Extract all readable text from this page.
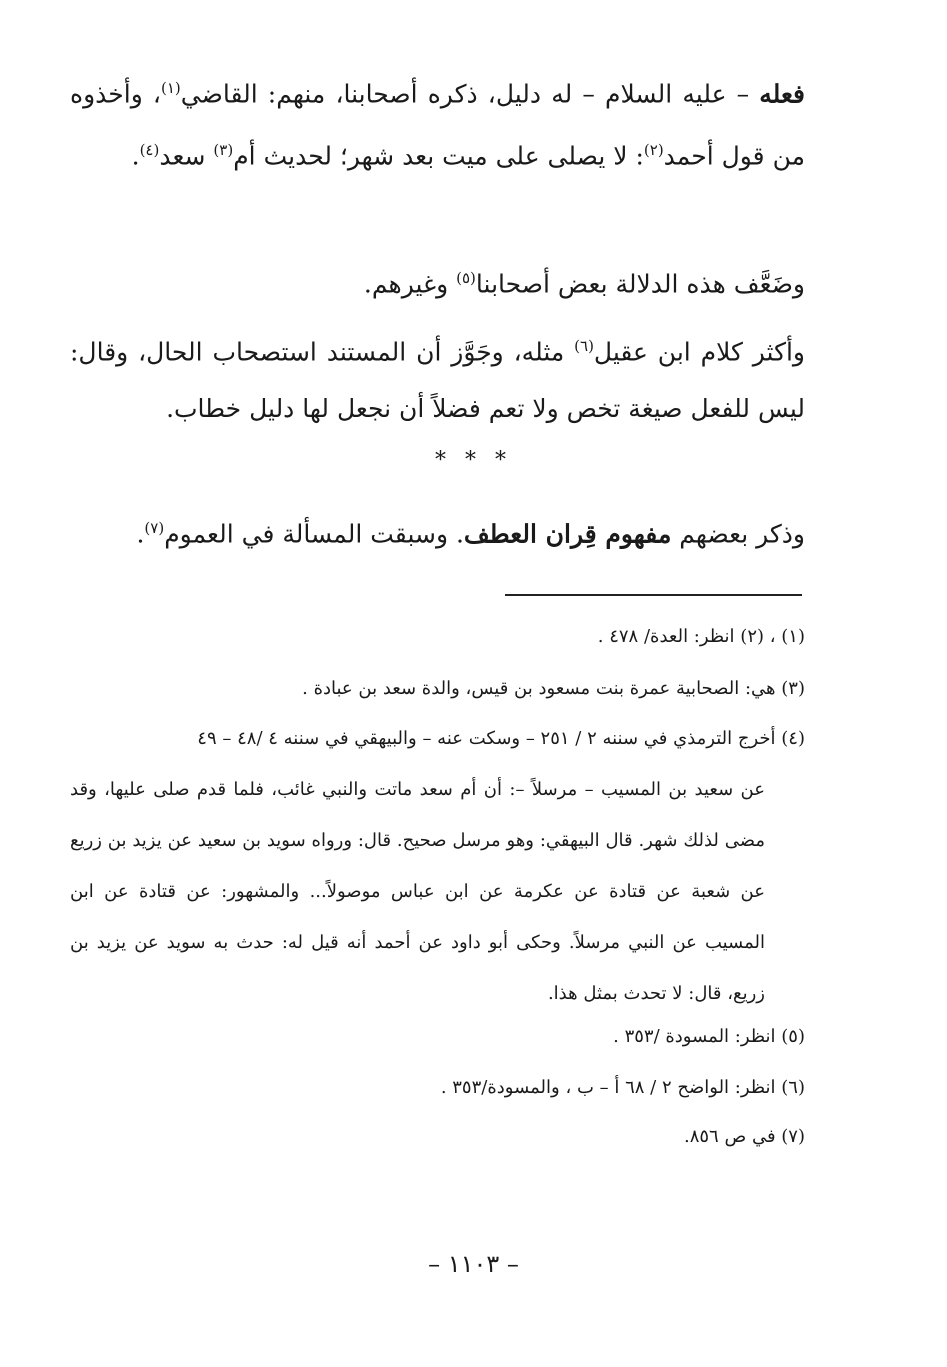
فعله – عليه السلام – له دليل، ذكره أصحابنا، منهم: القاضي$^{(١)}$، وأخذوه من قول أحمد$^{(٢)}$: لا يصلى على ميت بعد شهر؛ لحديث أم$^{(٣)}$ سعد$^{(٤)}$.
وضَعَّف هذه الدلالة بعض أصحابنا$^{(٥)}$ وغيرهم.
وأكثر كلام ابن عقيل$^{(٦)}$ مثله، وجَوَّز أن المستند استصحاب الحال، وقال: ليس للفعل صيغة تخص ولا تعم فضلاً أن نجعل لها دليل خطاب.
* * *
وذكر بعضهم مفهوم قِران العطف. وسبقت المسألة في العموم$^{(٧)}$.
(١) ، (٢) انظر: العدة/ ٤٧٨ .
(٣) هي: الصحابية عمرة بنت مسعود بن قيس، والدة سعد بن عبادة .
(٤) أخرج الترمذي في سننه ٢ / ٢٥١ – وسكت عنه – والبيهقي في سننه ٤ /٤٨ – ٤٩
عن سعيد بن المسيب – مرسلاً –: أن أم سعد ماتت والنبي غائب، فلما قدم صلى عليها، وقد مضى لذلك شهر. قال البيهقي: وهو مرسل صحيح. قال: ورواه سويد بن سعيد عن يزيد بن زريع عن شعبة عن قتادة عن عكرمة عن ابن عباس موصولاً... والمشهور: عن قتادة عن ابن المسيب عن النبي مرسلاً. وحكى أبو داود عن أحمد أنه قيل له: حدث به سويد عن يزيد بن زريع، قال: لا تحدث بمثل هذا.
(٥) انظر: المسودة /٣٥٣ .
(٦) انظر: الواضح ٢ / ٦٨ أ – ب ، والمسودة/٣٥٣ .
(٧) في ص ٨٥٦.
– ١١٠٣ –
